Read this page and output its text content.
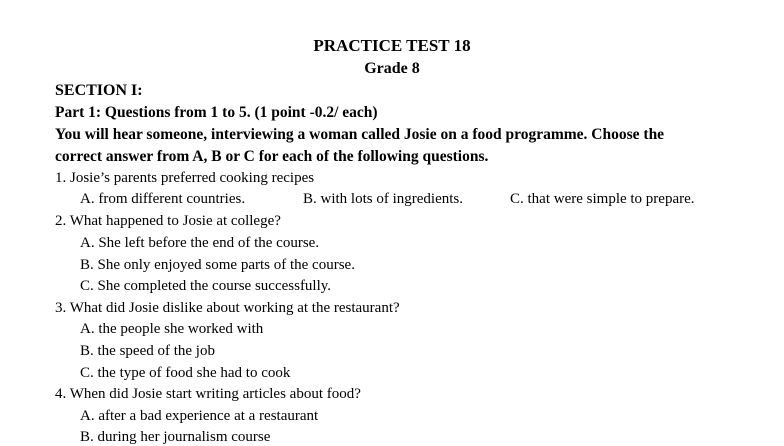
PRACTICE TEST 18
Grade 8
SECTION I:
Part 1: Questions from 1 to 5. (1 point -0.2/ each)
You will hear someone, interviewing a woman called Josie on a food programme. Choose the
correct answer from A, B or C for each of the following questions.
1. Josie’s parents preferred cooking recipes
A. from different countries.	B. with lots of ingredients.	C. that were simple to prepare.
2. What happened to Josie at college?
A. She left before the end of the course.
B. She only enjoyed some parts of the course.
C. She completed the course successfully.
3. What did Josie dislike about working at the restaurant?
A. the people she worked with
B. the speed of the job
C. the type of food she had to cook
4. When did Josie start writing articles about food?
A. after a bad experience at a restaurant
B. during her journalism course
